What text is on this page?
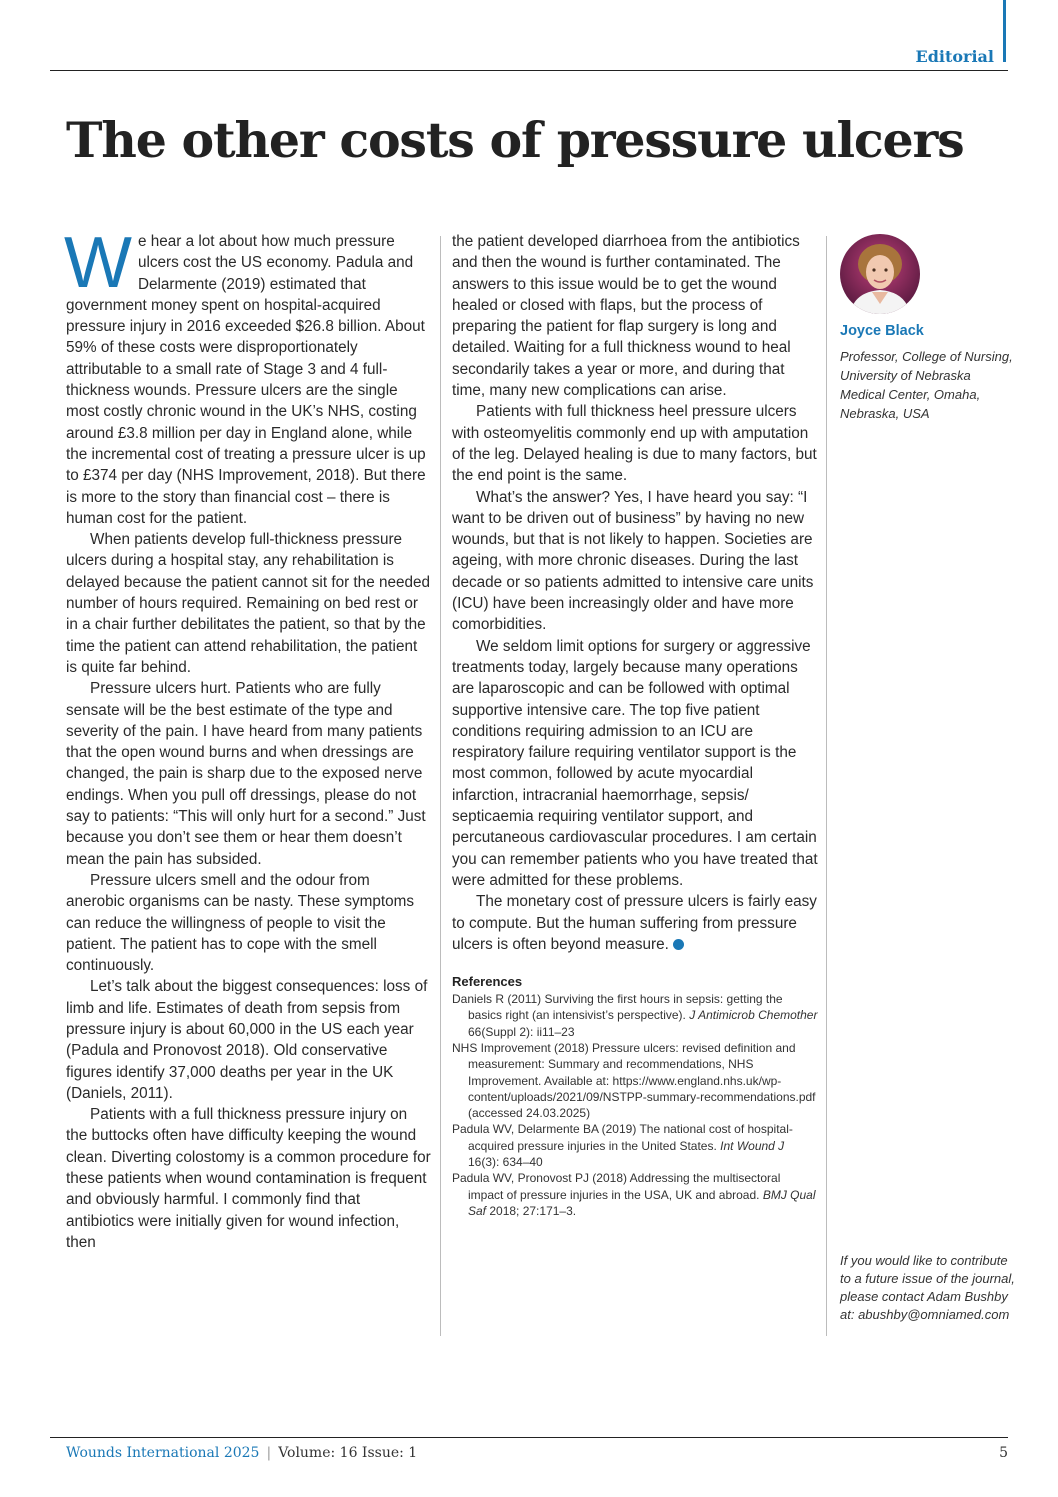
Editorial
The other costs of pressure ulcers

We hear a lot about how much pressure ulcers cost the US economy. Padula and Delarmente (2019) estimated that government money spent on hospital-acquired pressure injury in 2016 exceeded $26.8 billion. About 59% of these costs were disproportionately attributable to a small rate of Stage 3 and 4 full-thickness wounds. Pressure ulcers are the single most costly chronic wound in the UK’s NHS, costing around £3.8 million per day in England alone, while the incremental cost of treating a pressure ulcer is up to £374 per day (NHS Improvement, 2018). But there is more to the story than financial cost – there is human cost for the patient.

When patients develop full-thickness pressure ulcers during a hospital stay, any rehabilitation is delayed because the patient cannot sit for the needed number of hours required. Remaining on bed rest or in a chair further debilitates the patient, so that by the time the patient can attend rehabilitation, the patient is quite far behind.

Pressure ulcers hurt. Patients who are fully sensate will be the best estimate of the type and severity of the pain. I have heard from many patients that the open wound burns and when dressings are changed, the pain is sharp due to the exposed nerve endings. When you pull off dressings, please do not say to patients: “This will only hurt for a second.” Just because you don’t see them or hear them doesn’t mean the pain has subsided.

Pressure ulcers smell and the odour from anerobic organisms can be nasty. These symptoms can reduce the willingness of people to visit the patient. The patient has to cope with the smell continuously.

Let’s talk about the biggest consequences: loss of limb and life. Estimates of death from sepsis from pressure injury is about 60,000 in the US each year (Padula and Pronovost 2018). Old conservative figures identify 37,000 deaths per year in the UK (Daniels, 2011).

Patients with a full thickness pressure injury on the buttocks often have difficulty keeping the wound clean. Diverting colostomy is a common procedure for these patients when wound contamination is frequent and obviously harmful. I commonly find that antibiotics were initially given for wound infection, then

the patient developed diarrhoea from the antibiotics and then the wound is further contaminated. The answers to this issue would be to get the wound healed or closed with flaps, but the process of preparing the patient for flap surgery is long and detailed. Waiting for a full thickness wound to heal secondarily takes a year or more, and during that time, many new complications can arise.

Patients with full thickness heel pressure ulcers with osteomyelitis commonly end up with amputation of the leg. Delayed healing is due to many factors, but the end point is the same.

What’s the answer? Yes, I have heard you say: “I want to be driven out of business” by having no new wounds, but that is not likely to happen. Societies are ageing, with more chronic diseases. During the last decade or so patients admitted to intensive care units (ICU) have been increasingly older and have more comorbidities.

We seldom limit options for surgery or aggressive treatments today, largely because many operations are laparoscopic and can be followed with optimal supportive intensive care. The top five patient conditions requiring admission to an ICU are respiratory failure requiring ventilator support is the most common, followed by acute myocardial infarction, intracranial haemorrhage, sepsis/ septicaemia requiring ventilator support, and percutaneous cardiovascular procedures. I am certain you can remember patients who you have treated that were admitted for these problems.

The monetary cost of pressure ulcers is fairly easy to compute. But the human suffering from pressure ulcers is often beyond measure.

References

Daniels R (2011) Surviving the first hours in sepsis: getting the basics right (an intensivist’s perspective). J Antimicrob Chemother 66(Suppl 2): ii11–23

NHS Improvement (2018) Pressure ulcers: revised definition and measurement: Summary and recommendations, NHS Improvement. Available at: https://www.england.nhs.uk/wp-content/uploads/2021/09/NSTPP-summary-recommendations.pdf (accessed 24.03.2025)

Padula WV, Delarmente BA (2019) The national cost of hospital-acquired pressure injuries in the United States. Int Wound J 16(3): 634–40

Padula WV, Pronovost PJ (2018) Addressing the multisectoral impact of pressure injuries in the USA, UK and abroad. BMJ Qual Saf 2018; 27:171–3.

Joyce Black
Professor, College of Nursing, University of Nebraska Medical Center, Omaha, Nebraska, USA
If you would like to contribute to a future issue of the journal, please contact Adam Bushby at: abushby@omniamed.com
Wounds International 2025 | Volume: 16 Issue: 1	5
